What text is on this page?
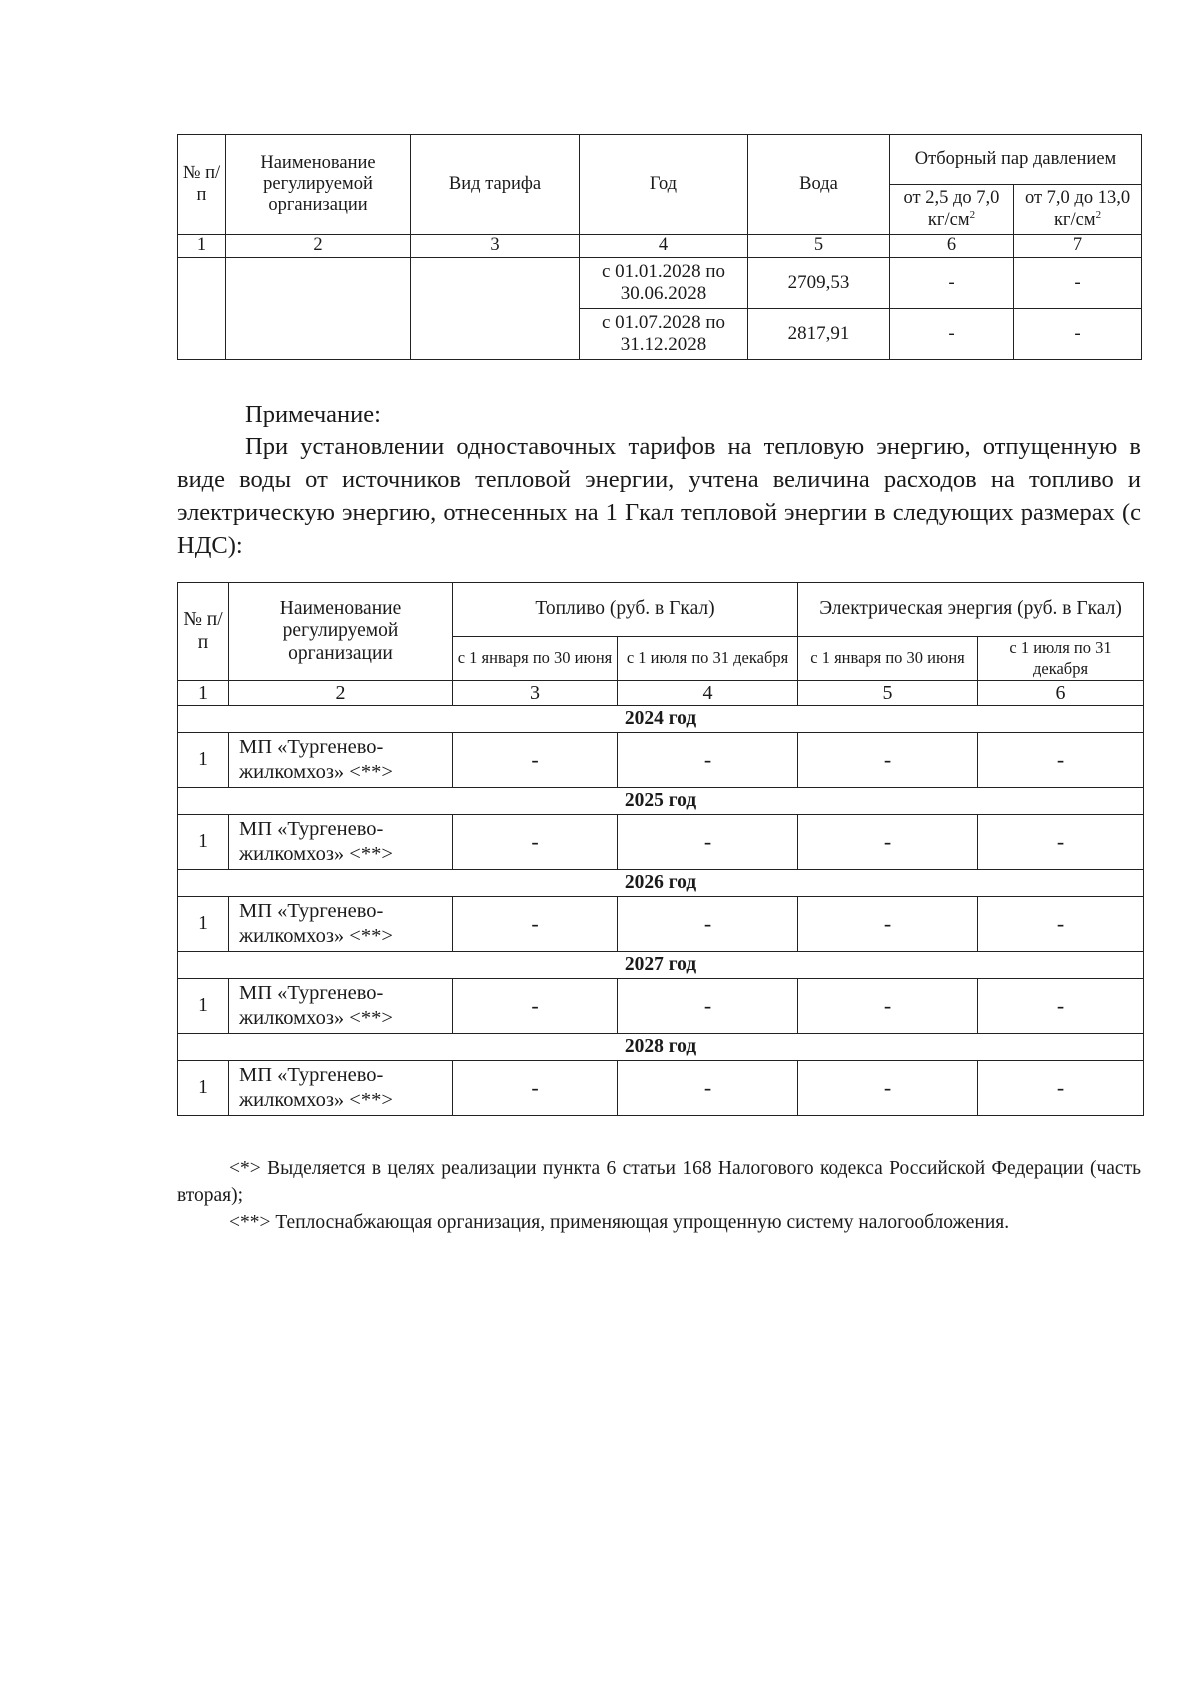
№ п/п	Наименование регулируемой организации	Вид тарифа	Год	Вода	Отборный пар давлением	
					от 2,5 до 7,0 $кг/см^2$	от 7,0 до 13,0 $кг/см^2$
1	2	3	4	5	6	7
			с 01.01.2028 по 30.06.2028	2709,53	-	-
			с 01.07.2028 по 31.12.2028	2817,91	-	-
Примечание:
При установлении одноставочных тарифов на тепловую энергию, отпущенную в виде воды от источников тепловой энергии, учтена величина расходов на топливо и электрическую энергию, отнесенных на 1 Гкал тепловой энергии в следующих размерах (с НДС):
№ п/п	Наименование регулируемой организации	Топливо (руб. в Гкал)		Электрическая энергия (руб. в Гкал)	
		с 1 января по 30 июня	с 1 июля по 31 декабря	с 1 января по 30 июня	с 1 июля по 31 декабря
1	2	3	4	5	6
2024 год					
1	МП «Тургенево-жилкомхоз» <**>	-	-	-	-
2025 год					
1	МП «Тургенево-жилкомхоз» <**>	-	-	-	-
2026 год					
1	МП «Тургенево-жилкомхоз» <**>	-	-	-	-
2027 год					
1	МП «Тургенево-жилкомхоз» <**>	-	-	-	-
2028 год					
1	МП «Тургенево-жилкомхоз» <**>	-	-	-	-
<*> Выделяется в целях реализации пункта 6 статьи 168 Налогового кодекса Российской Федерации (часть вторая);
<**> Теплоснабжающая организация, применяющая упрощенную систему налогообложения.
